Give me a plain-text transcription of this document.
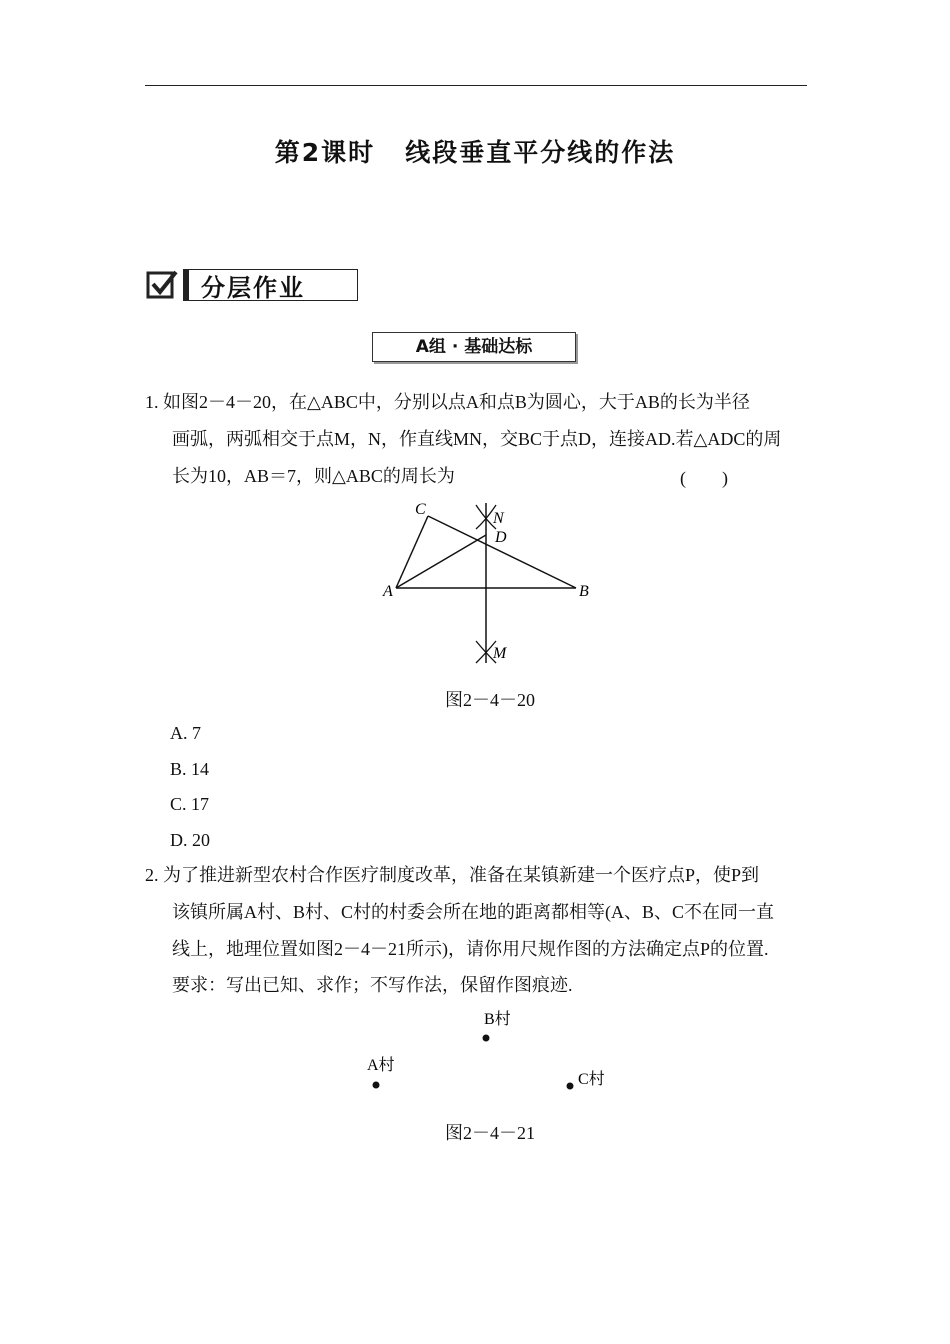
第2课时 线段垂直平分线的作法
分层作业
A组 · 基础达标
1. 如图2－4－20，在△ABC中，分别以点A和点B为圆心，大于AB的长为半径
画弧，两弧相交于点M，N，作直线MN，交BC于点D，连接AD.若△ADC的周
长为10，AB＝7，则△ABC的周长为	(　　)
C
N
D
A	B
M
图2－4－20
A. 7
B. 14
C. 17
D. 20
2. 为了推进新型农村合作医疗制度改革，准备在某镇新建一个医疗点P，使P到
该镇所属A村、B村、C村的村委会所在地的距离都相等(A、B、C不在同一直
线上，地理位置如图2－4－21所示)，请你用尺规作图的方法确定点P的位置.
要求：写出已知、求作；不写作法，保留作图痕迹.
B村
A村
C村
图2－4－21
